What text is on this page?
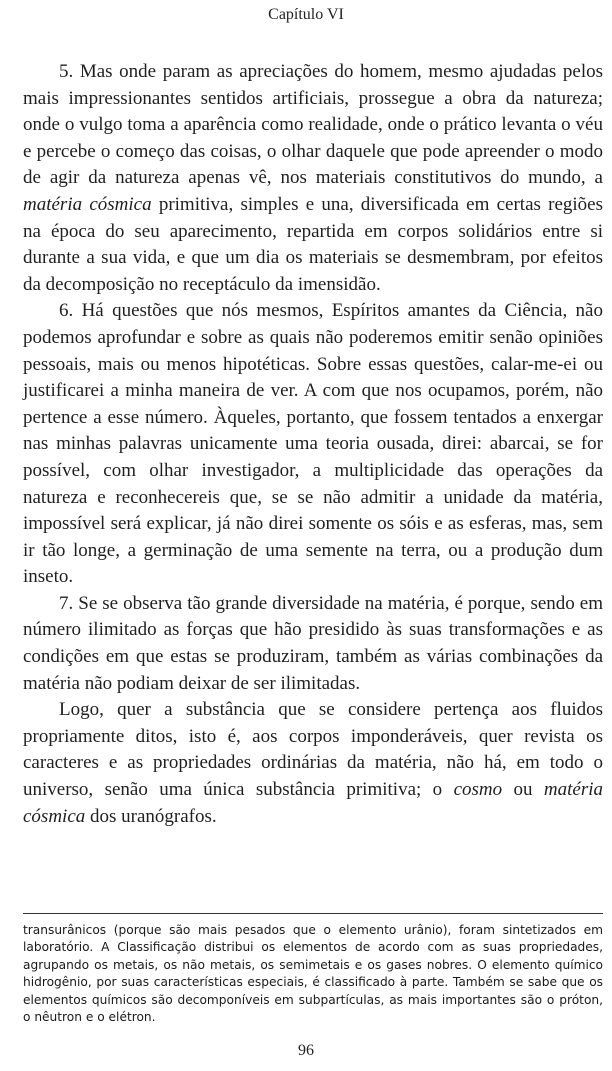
Capítulo VI

5. Mas onde param as apreciações do homem, mesmo ajudadas pelos mais impressionantes sentidos artificiais, prossegue a obra da natureza; onde o vulgo toma a aparência como realidade, onde o prático levanta o véu e percebe o começo das coisas, o olhar daquele que pode apreender o modo de agir da natureza apenas vê, nos materiais constitutivos do mundo, a matéria cósmica primitiva, simples e una, diversificada em certas regiões na época do seu aparecimento, repartida em corpos solidários entre si durante a sua vida, e que um dia os materiais se desmembram, por efeitos da decomposição no receptáculo da imensidão.

6. Há questões que nós mesmos, Espíritos amantes da Ciência, não podemos aprofundar e sobre as quais não poderemos emitir senão opiniões pessoais, mais ou menos hipotéticas. Sobre essas questões, calar-me-ei ou justificarei a minha maneira de ver. A com que nos ocupamos, porém, não pertence a esse número. Àqueles, portanto, que fossem tentados a enxergar nas minhas palavras unicamente uma teoria ousada, direi: abarcai, se for possível, com olhar investigador, a multiplicidade das operações da natureza e reconhecereis que, se se não admitir a unidade da matéria, impossível será explicar, já não direi somente os sóis e as esferas, mas, sem ir tão longe, a germinação de uma semente na terra, ou a produção dum inseto.

7. Se se observa tão grande diversidade na matéria, é porque, sendo em número ilimitado as forças que hão presidido às suas transformações e as condições em que estas se produziram, também as várias combinações da matéria não podiam deixar de ser ilimitadas.

Logo, quer a substância que se considere pertença aos fluidos propriamente ditos, isto é, aos corpos imponderáveis, quer revista os caracteres e as propriedades ordinárias da matéria, não há, em todo o universo, senão uma única substância primitiva; o cosmo ou matéria cósmica dos uranógrafos.

transurânicos (porque são mais pesados que o elemento urânio), foram sintetizados em laboratório. A Classificação distribui os elementos de acordo com as suas propriedades, agrupando os metais, os não metais, os semimetais e os gases nobres. O elemento químico hidrogênio, por suas características especiais, é classificado à parte. Também se sabe que os elementos químicos são decomponíveis em subpartículas, as mais importantes são o próton, o nêutron e o elétron.

96
